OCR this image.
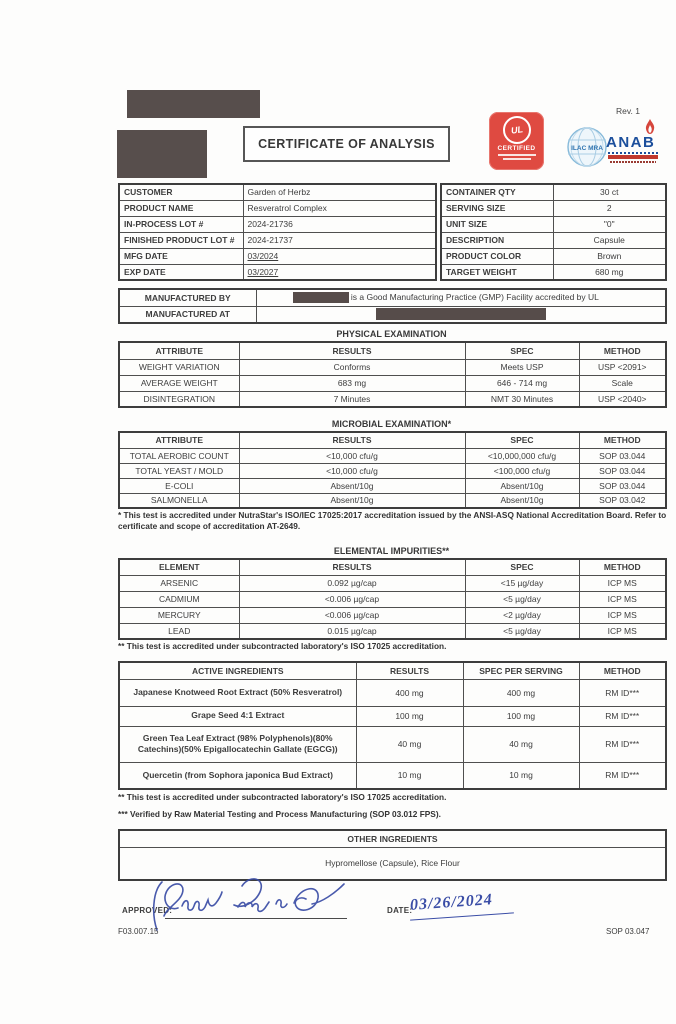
CERTIFICATE OF ANALYSIS
UL
CERTIFIED
Rev. 1
ILAC MRA ANAB
CUSTOMER	Garden of Herbz
PRODUCT NAME	Resveratrol Complex
IN-PROCESS LOT #	2024-21736
FINISHED PRODUCT LOT #	2024-21737
MFG DATE	03/2024
EXP DATE	03/2027
CONTAINER QTY	30 ct
SERVING SIZE	2
UNIT SIZE	"0"
DESCRIPTION	Capsule
PRODUCT COLOR	Brown
TARGET WEIGHT	680 mg
MANUFACTURED BY	is a Good Manufacturing Practice (GMP) Facility accredited by UL
MANUFACTURED AT	
PHYSICAL EXAMINATION
ATTRIBUTE	RESULTS	SPEC	METHOD
WEIGHT VARIATION	Conforms	Meets USP	USP <2091>
AVERAGE WEIGHT	683 mg	646 - 714 mg	Scale
DISINTEGRATION	7 Minutes	NMT 30 Minutes	USP <2040>
MICROBIAL EXAMINATION*
ATTRIBUTE	RESULTS	SPEC	METHOD
TOTAL AEROBIC COUNT	<10,000 cfu/g	<10,000,000 cfu/g	SOP 03.044
TOTAL YEAST / MOLD	<10,000 cfu/g	<100,000 cfu/g	SOP 03.044
E-COLI	Absent/10g	Absent/10g	SOP 03.044
SALMONELLA	Absent/10g	Absent/10g	SOP 03.042
* This test is accredited under NutraStar's ISO/IEC 17025:2017 accreditation issued by the ANSI-ASQ National Accreditation Board. Refer to certificate and scope of accreditation AT-2649.
ELEMENTAL IMPURITIES**
ELEMENT	RESULTS	SPEC	METHOD
ARSENIC	0.092 µg/cap	<15 µg/day	ICP MS
CADMIUM	<0.006 µg/cap	<5 µg/day	ICP MS
MERCURY	<0.006 µg/cap	<2 µg/day	ICP MS
LEAD	0.015 µg/cap	<5 µg/day	ICP MS
** This test is accredited under subcontracted laboratory's ISO 17025 accreditation.
ACTIVE INGREDIENTS	RESULTS	SPEC PER SERVING	METHOD
Japanese Knotweed Root Extract (50% Resveratrol)	400 mg	400 mg	RM ID***
Grape Seed 4:1 Extract	100 mg	100 mg	RM ID***
Green Tea Leaf Extract (98% Polyphenols)(80% Catechins)(50% Epigallocatechin Gallate (EGCG))	40 mg	40 mg	RM ID***
Quercetin (from Sophora japonica Bud Extract)	10 mg	10 mg	RM ID***
** This test is accredited under subcontracted laboratory's ISO 17025 accreditation.
*** Verified by Raw Material Testing and Process Manufacturing (SOP 03.012 FPS).
OTHER INGREDIENTS
Hypromellose (Capsule), Rice Flour
APPROVED:	DATE:
03/26/2024
F03.007.15	SOP 03.047
